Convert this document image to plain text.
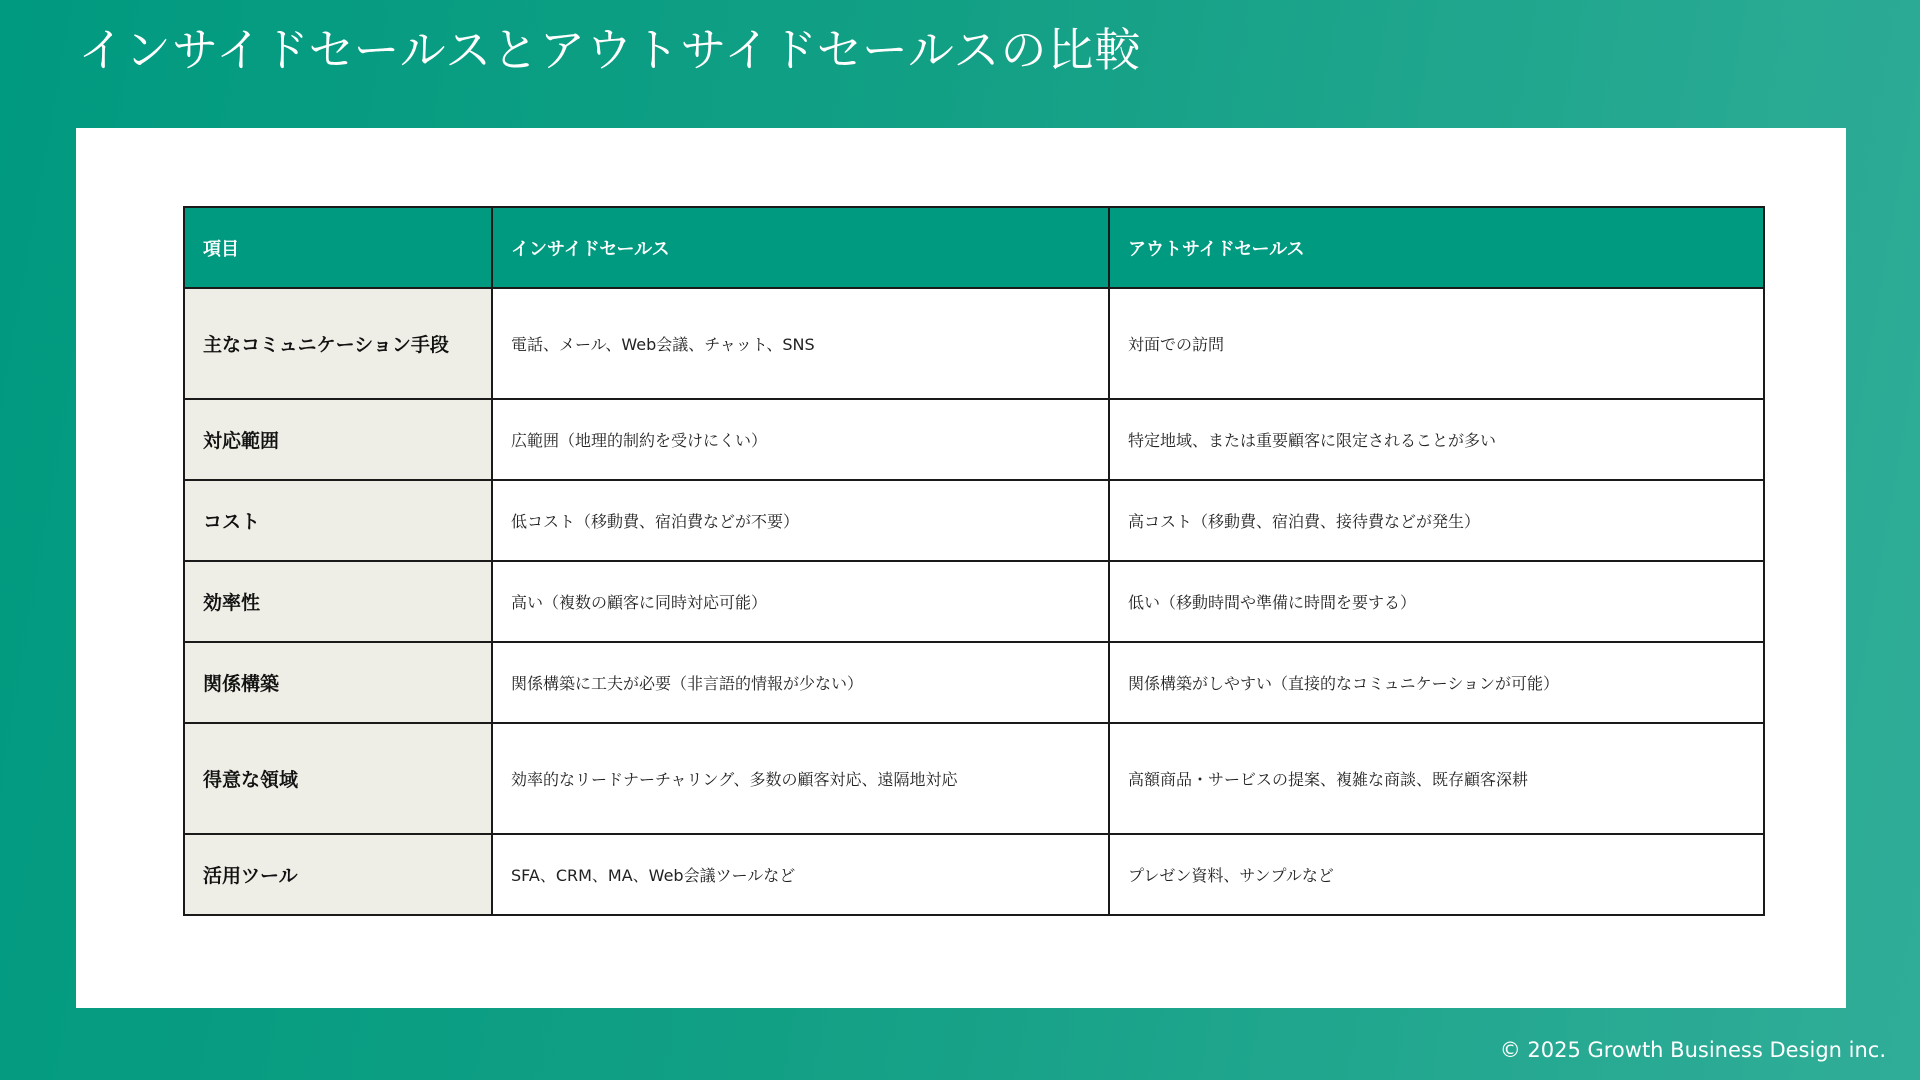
インサイドセールスとアウトサイドセールスの比較
項目	インサイドセールス	アウトサイドセールス
主なコミュニケーション手段	電話、メール、Web会議、チャット、SNS	対面での訪問
対応範囲	広範囲（地理的制約を受けにくい）	特定地域、または重要顧客に限定されることが多い
コスト	低コスト（移動費、宿泊費などが不要）	高コスト（移動費、宿泊費、接待費などが発生）
効率性	高い（複数の顧客に同時対応可能）	低い（移動時間や準備に時間を要する）
関係構築	関係構築に工夫が必要（非言語的情報が少ない）	関係構築がしやすい（直接的なコミュニケーションが可能）
得意な領域	効率的なリードナーチャリング、多数の顧客対応、遠隔地対応	高額商品・サービスの提案、複雑な商談、既存顧客深耕
活用ツール	SFA、CRM、MA、Web会議ツールなど	プレゼン資料、サンプルなど
© 2025 Growth Business Design inc.
